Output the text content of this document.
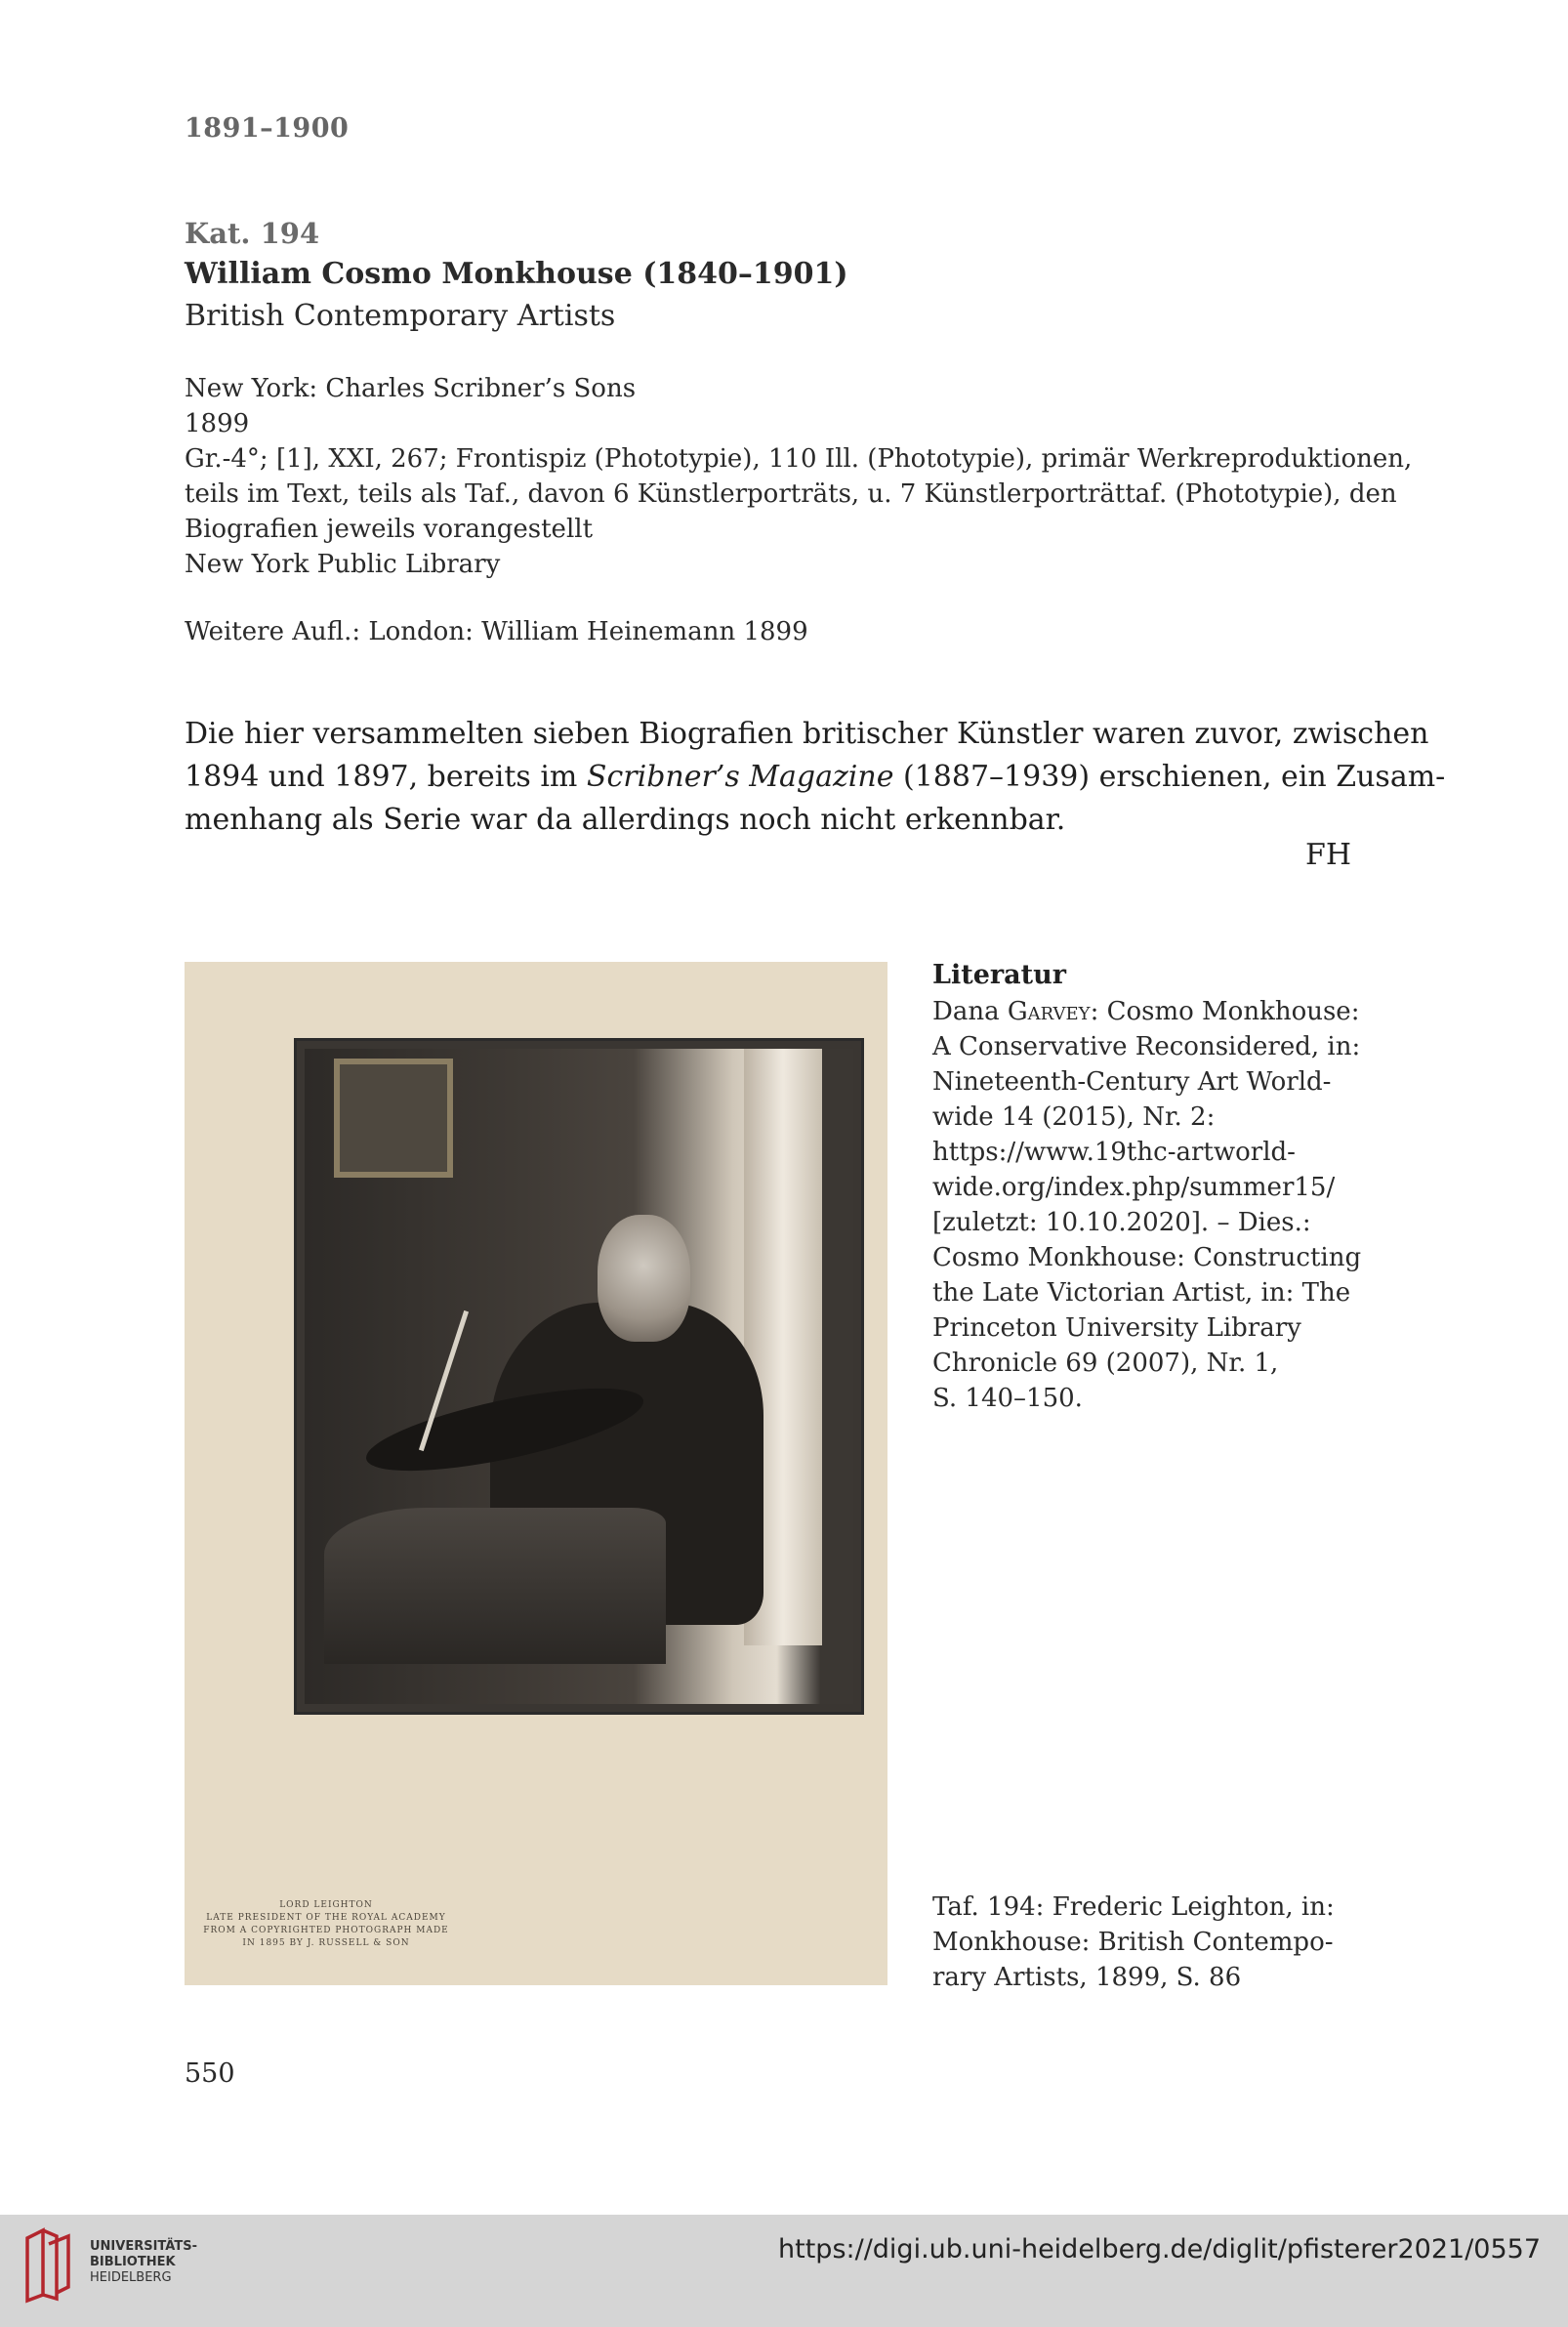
1891–1900
Kat. 194
William Cosmo Monkhouse (1840–1901)
British Contemporary Artists
New York: Charles Scribner’s Sons
1899
Gr.-4°; [1], XXI, 267; Frontispiz (Phototypie), 110 Ill. (Phototypie), primär Werkreproduktionen,
teils im Text, teils als Taf., davon 6 Künstlerporträts, u. 7 Künstlerporträttaf. (Phototypie), den
Biografien jeweils vorangestellt
New York Public Library
Weitere Aufl.: London: William Heinemann 1899
Die hier versammelten sieben Biografien britischer Künstler waren zuvor, zwischen
1894 und 1897, bereits im Scribner’s Magazine (1887–1939) erschienen, ein Zusam-
menhang als Serie war da allerdings noch nicht erkennbar.
FH
LORD LEIGHTON
LATE PRESIDENT OF THE ROYAL ACADEMY
FROM A COPYRIGHTED PHOTOGRAPH MADE
IN 1895 BY J. RUSSELL & SON
Literatur
Dana Garvey: Cosmo Monkhouse:
A Conservative Reconsidered, in:
Nineteenth-Century Art World-
wide 14 (2015), Nr. 2:
https://www.19thc-artworld-
wide.org/index.php/summer15/
[zuletzt: 10.10.2020]. – Dies.:
Cosmo Monkhouse: Constructing
the Late Victorian Artist, in: The
Princeton University Library
Chronicle 69 (2007), Nr. 1,
S. 140–150.
Taf. 194: Frederic Leighton, in:
Monkhouse: British Contempo-
rary Artists, 1899, S. 86
550
UNIVERSITÄTS-
BIBLIOTHEK
HEIDELBERG
https://digi.ub.uni-heidelberg.de/diglit/pfisterer2021/0557
